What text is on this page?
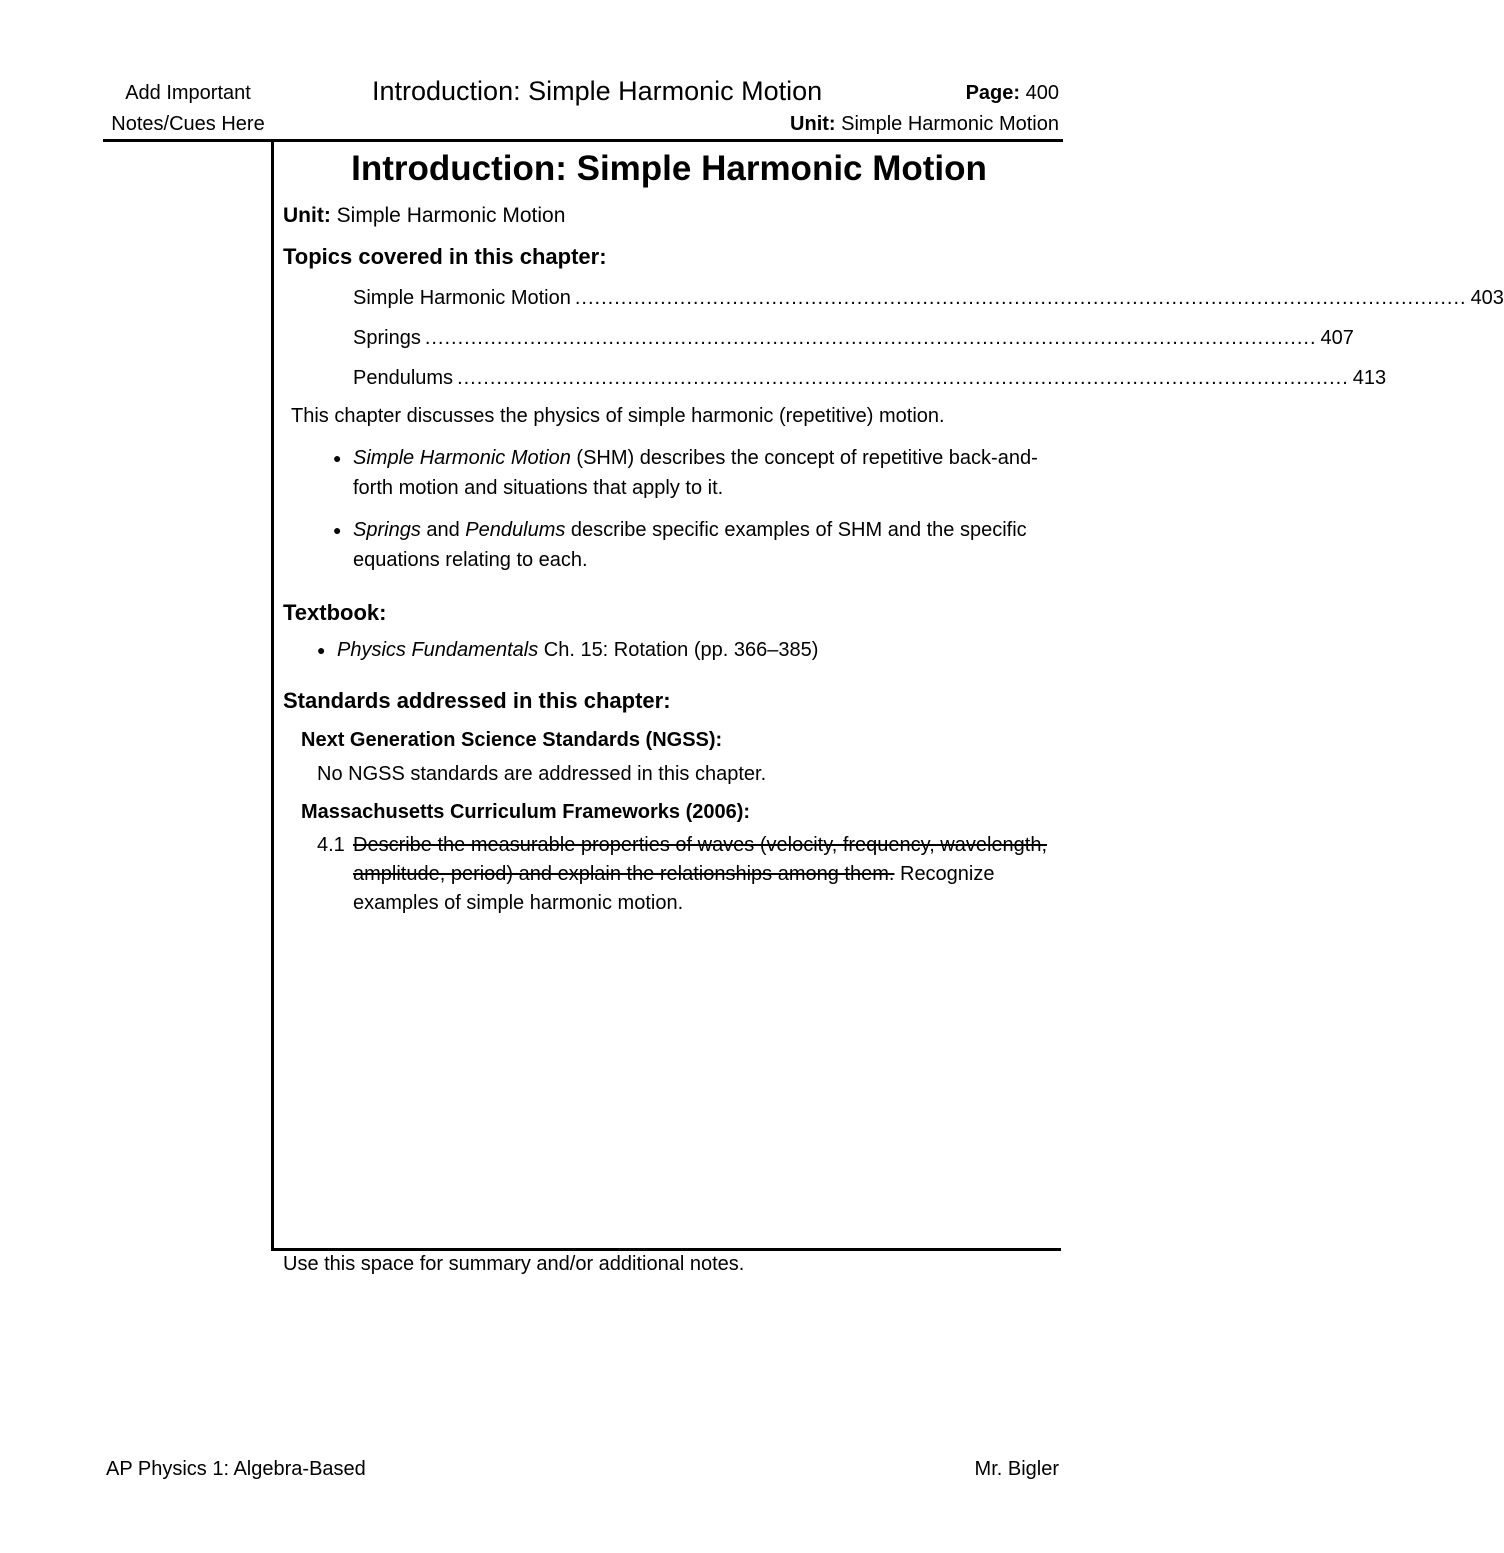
Add Important
Notes/Cues Here
Introduction: Simple Harmonic Motion	Page: 400
Unit: Simple Harmonic Motion
Introduction: Simple Harmonic Motion
Unit: Simple Harmonic Motion
Topics covered in this chapter:
Simple Harmonic Motion ........................................................................................................................................ 403
Springs ........................................................................................................................................ 407
Pendulums ........................................................................................................................................ 413
This chapter discusses the physics of simple harmonic (repetitive) motion.
● Simple Harmonic Motion (SHM) describes the concept of repetitive back-and-forth motion and situations that apply to it.
● Springs and Pendulums describe specific examples of SHM and the specific equations relating to each.
Textbook:
● Physics Fundamentals Ch. 15: Rotation (pp. 366–385)
Standards addressed in this chapter:
Next Generation Science Standards (NGSS):
No NGSS standards are addressed in this chapter.
Massachusetts Curriculum Frameworks (2006):
4.1 Describe the measurable properties of waves (velocity, frequency, wavelength, amplitude, period) and explain the relationships among them. Recognize examples of simple harmonic motion.
Use this space for summary and/or additional notes.
AP Physics 1: Algebra-Based	Mr. Bigler
